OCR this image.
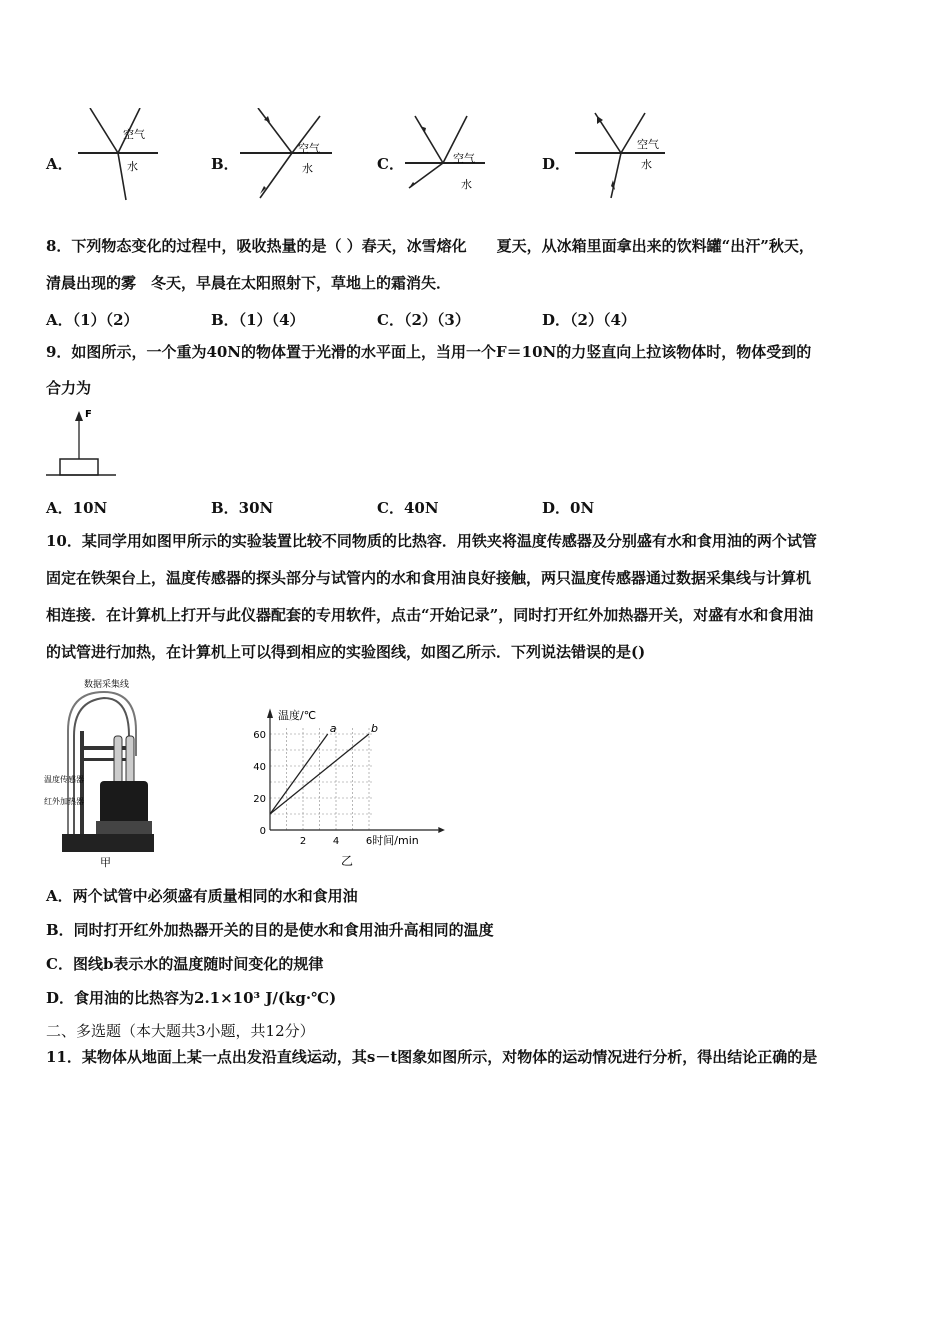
A．
空气
水	B．
空气
水	C．	空气
水
D．
空气
水
8．下列物态变化的过程中，吸收热量的是（ ）春天，冰雪熔化　　夏天，从冰箱里面拿出来的饮料罐“出汗”秋天，
清晨出现的雾　冬天，早晨在太阳照射下，草地上的霜消失．
A．（1）（2）	B．（1）（4）	C．（2）（3）	D．（2）（4）
9．如图所示，一个重为40N的物体置于光滑的水平面上，当用一个F＝10N的力竖直向上拉该物体时，物体受到的
合力为
F
A．10N	B．30N	C．40N	D．0N
10．某同学用如图甲所示的实验装置比较不同物质的比热容．用铁夹将温度传感器及分别盛有水和食用油的两个试管
固定在铁架台上，温度传感器的探头部分与试管内的水和食用油良好接触，两只温度传感器通过数据采集线与计算机
相连接．在计算机上打开与此仪器配套的专用软件，点击“开始记录”，同时打开红外加热器开关，对盛有水和食用油
的试管进行加热，在计算机上可以得到相应的实验图线，如图乙所示．下列说法错误的是()
数据采集线
温度传感器
红外加热器
甲
温度/℃
时间/min
0
20
40
60
2	4	6
a	b
乙
A．两个试管中必须盛有质量相同的水和食用油
B．同时打开红外加热器开关的目的是使水和食用油升高相同的温度
C．图线b表示水的温度随时间变化的规律
D．食用油的比热容为2.1×10³ J/(kg·℃)
二、多选题（本大题共3小题，共12分）
11．某物体从地面上某一点出发沿直线运动，其s－t图象如图所示，对物体的运动情况进行分析，得出结论正确的是
